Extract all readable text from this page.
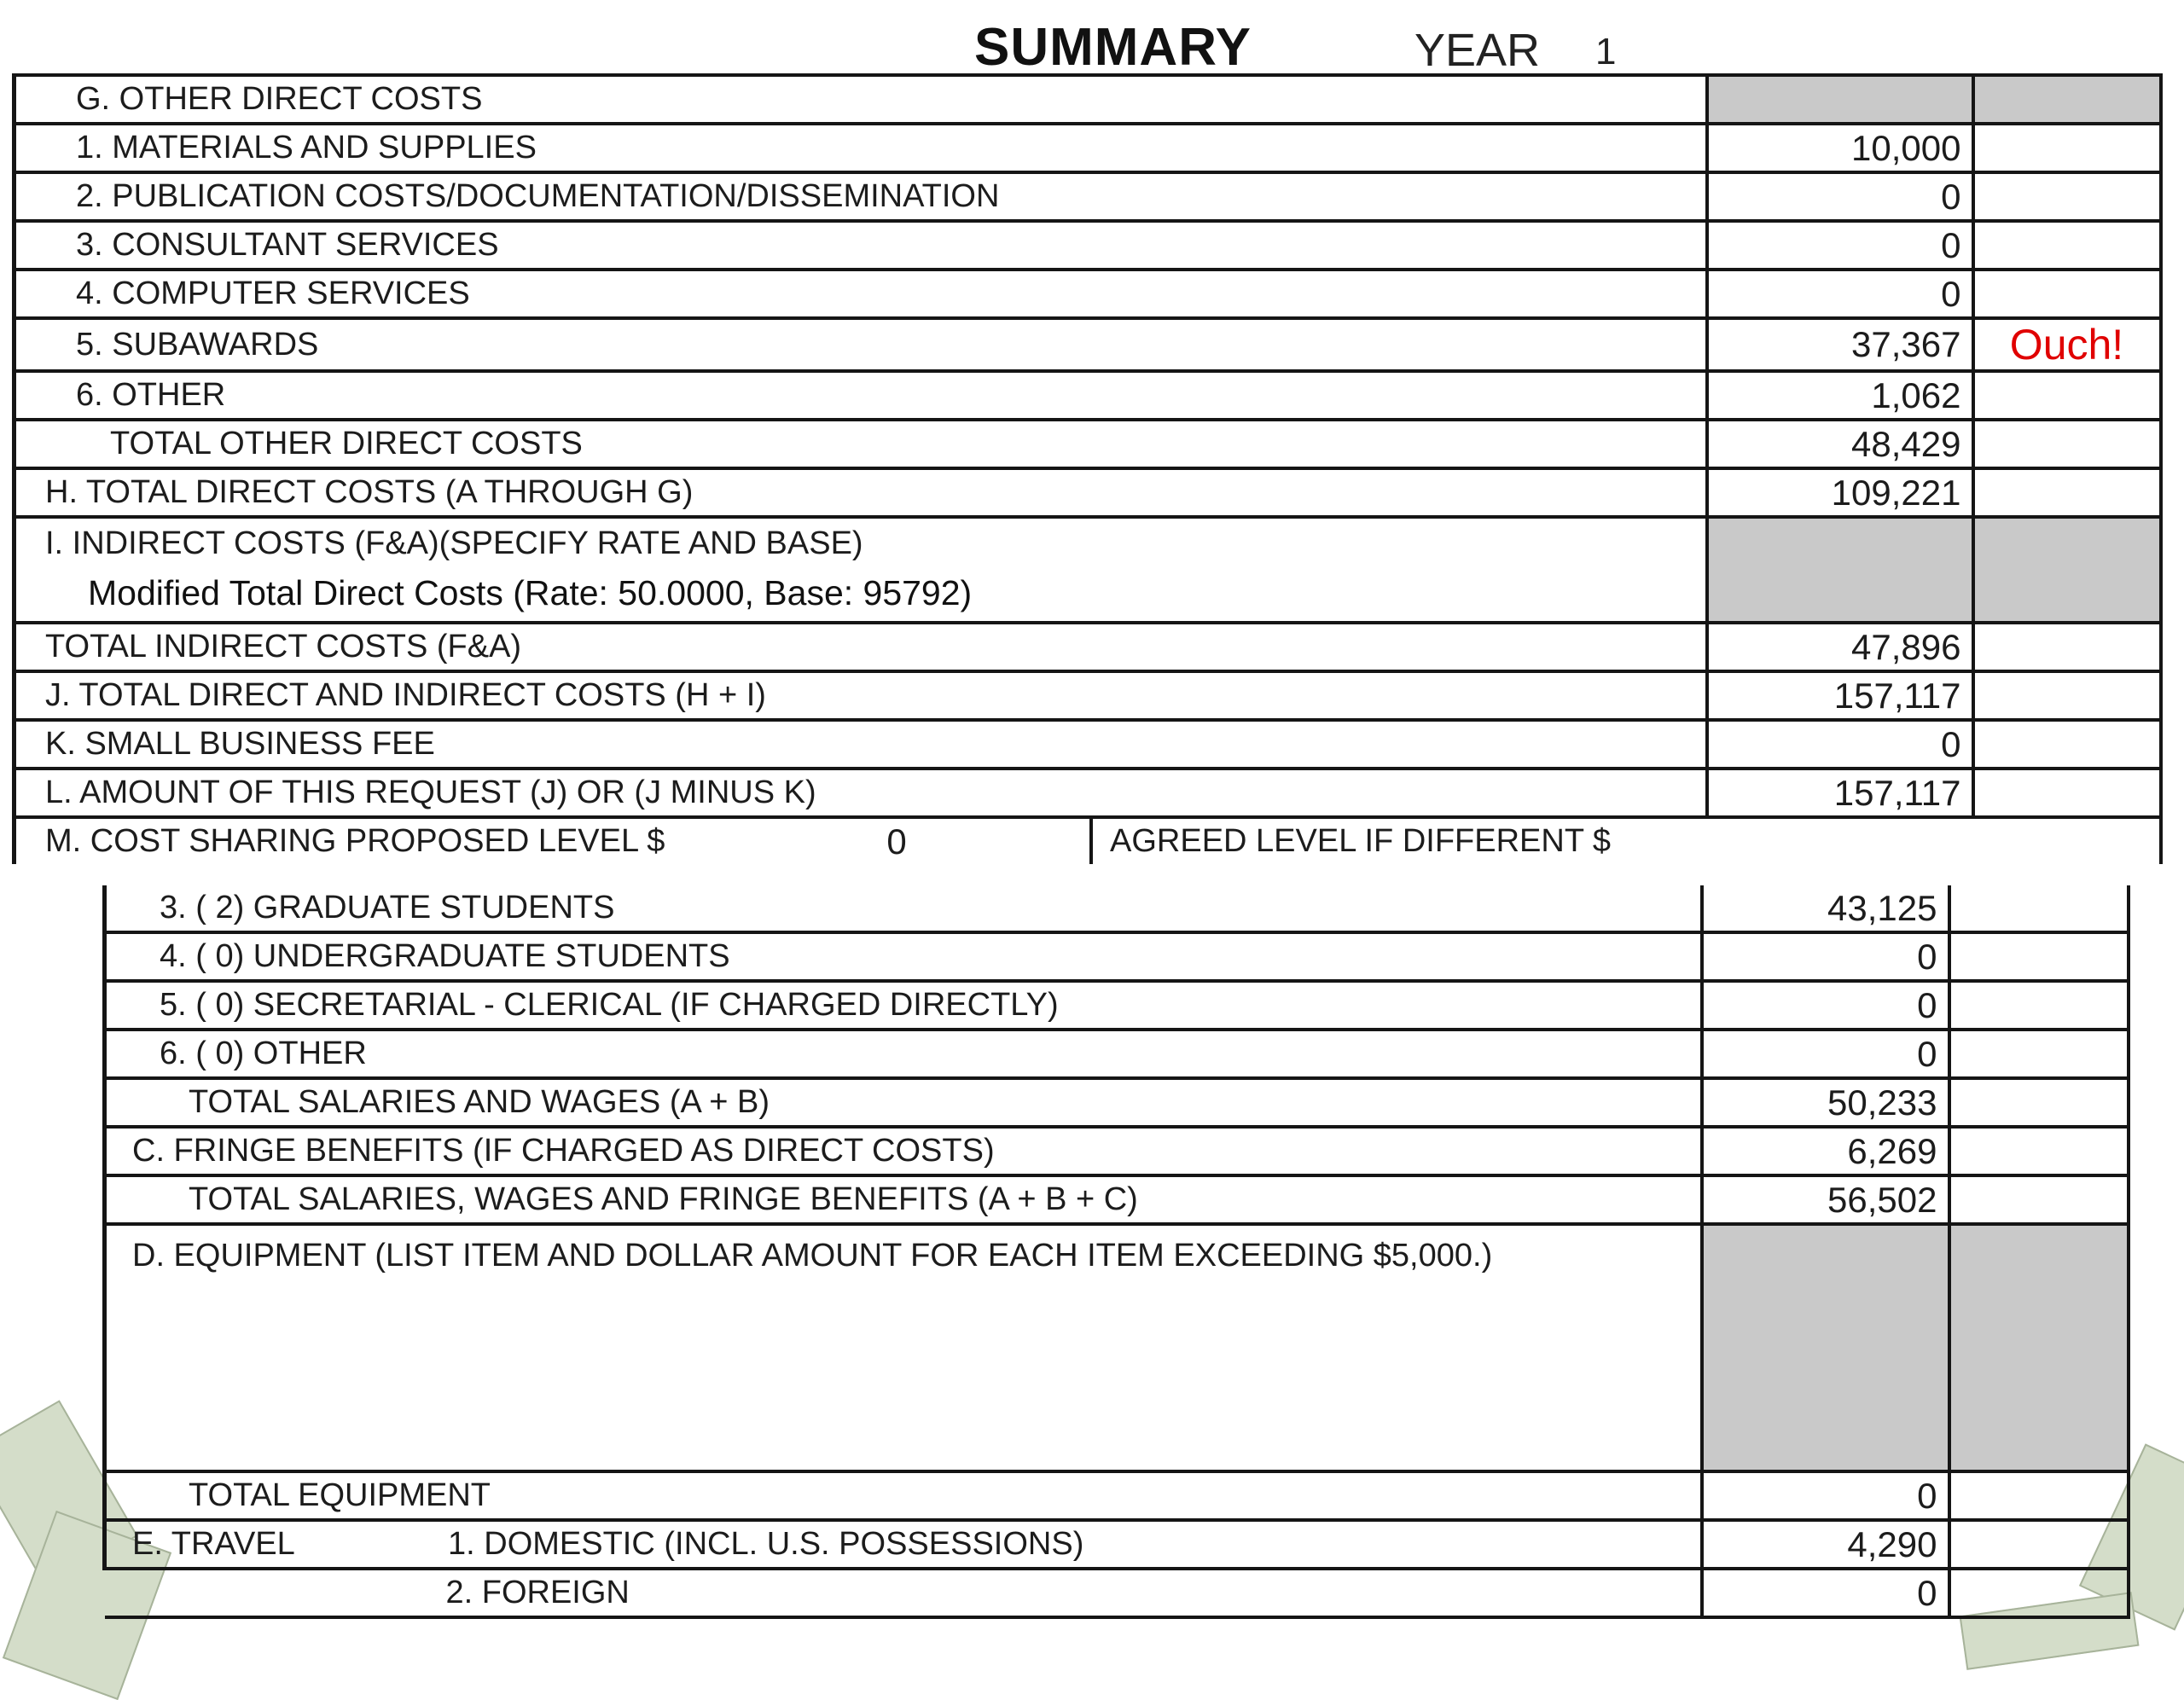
SUMMARY	YEAR 1
G. OTHER DIRECT COSTS		
1. MATERIALS AND SUPPLIES	10,000	
2. PUBLICATION COSTS/DOCUMENTATION/DISSEMINATION	0	
3. CONSULTANT SERVICES	0	
4. COMPUTER SERVICES	0	
5. SUBAWARDS	37,367	Ouch!
6. OTHER	1,062	
TOTAL OTHER DIRECT COSTS	48,429	
H. TOTAL DIRECT COSTS (A THROUGH G)	109,221	

I. INDIRECT COSTS (F&A)(SPECIFY RATE AND BASE)
Modified Total Direct Costs (Rate: 50.0000, Base: 95792)		

TOTAL INDIRECT COSTS (F&A)	47,896	
J. TOTAL DIRECT AND INDIRECT COSTS (H + I)	157,117	
K. SMALL BUSINESS FEE	0	
L. AMOUNT OF THIS REQUEST (J) OR (J MINUS K)	157,117	

M. COST SHARING PROPOSED LEVEL $ 0 AGREED LEVEL IF DIFFERENT $		
3. ( 2) GRADUATE STUDENTS	43,125	
4. ( 0) UNDERGRADUATE STUDENTS	0	
5. ( 0) SECRETARIAL - CLERICAL (IF CHARGED DIRECTLY)	0	
6. ( 0) OTHER	0	
TOTAL SALARIES AND WAGES (A + B)	50,233	
C. FRINGE BENEFITS (IF CHARGED AS DIRECT COSTS)	6,269	
TOTAL SALARIES, WAGES AND FRINGE BENEFITS (A + B + C)	56,502	
D. EQUIPMENT (LIST ITEM AND DOLLAR AMOUNT FOR EACH ITEM EXCEEDING $5,000.)		
TOTAL EQUIPMENT	0	
E. TRAVEL 1. DOMESTIC (INCL. U.S. POSSESSIONS)	4,290	
2. FOREIGN	0	
